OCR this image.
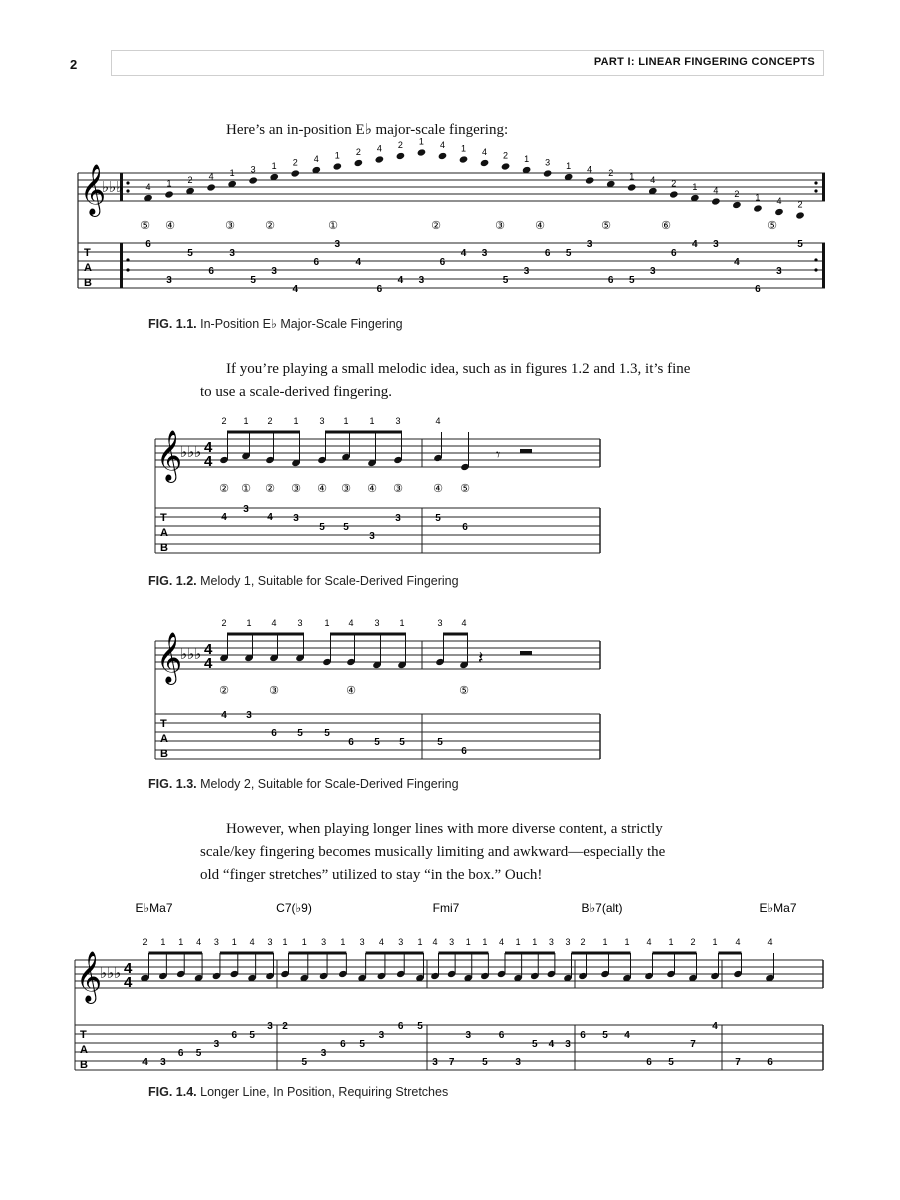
2	PART I: LINEAR FINGERING CONCEPTS
Here’s an in-position E♭ major-scale fingering:
𝄞
♭♭♭
T
A
B
4 1 2 4 1 3 1 2 4 1 2 4 2 1 4 1 4 2 1 3 1 4 2 1 4 2 1 4 2 1 4 2
⑤ ④	③	②	①	②	③	④	⑤	⑥	⑤
6
3
5
6
3
5
3
4
6
3
4
6
4 3
6
4 3
5
3
6 5
3
6 5
3
6
4 3
4
6
3
5
FIG. 1.1. In-Position E♭ Major-Scale Fingering
If you’re playing a small melodic idea, such as in figures 1.2 and 1.3, it’s fine
to use a scale-derived fingering.
𝄞
♭♭♭ 4
4
T
A
B
𝄾
2 1 2 1 3 1 1 3	4
② ① ② ③ ④ ③ ④ ③	④ ⑤
4
3
4 3
5 5
3
3	5
6
FIG. 1.2. Melody 1, Suitable for Scale-Derived Fingering
𝄞
♭♭♭ 4
4
T
A
B
𝄽
2 1 4 3 1 4 3 1	3 4
②	③	④	⑤
4 3
6 5 5
6 5 5	5
6
FIG. 1.3. Melody 2, Suitable for Scale-Derived Fingering
However, when playing longer lines with more diverse content, a strictly
scale/key fingering becomes musically limiting and awkward—especially the
old “finger stretches” utilized to stay “in the box.” Ouch!
𝄞
♭♭♭ 4
4
T
A
B
E♭Ma7	C7(♭9)	Fmi7	B♭7(alt)	E♭Ma7
2 1 1 4 3 1 4 3 1 1 3 1 3 4 3 1 4 3 1 1 4 1 1 3 3 2 1 1 4 1 2 1 4	4
4 3
6 5
3
6 5
3 2
5
3
6 5
3
6 5
3 7
3
5
6
3
5 4 3
6 5 4
6 5
7
4
7	6
FIG. 1.4. Longer Line, In Position, Requiring Stretches
